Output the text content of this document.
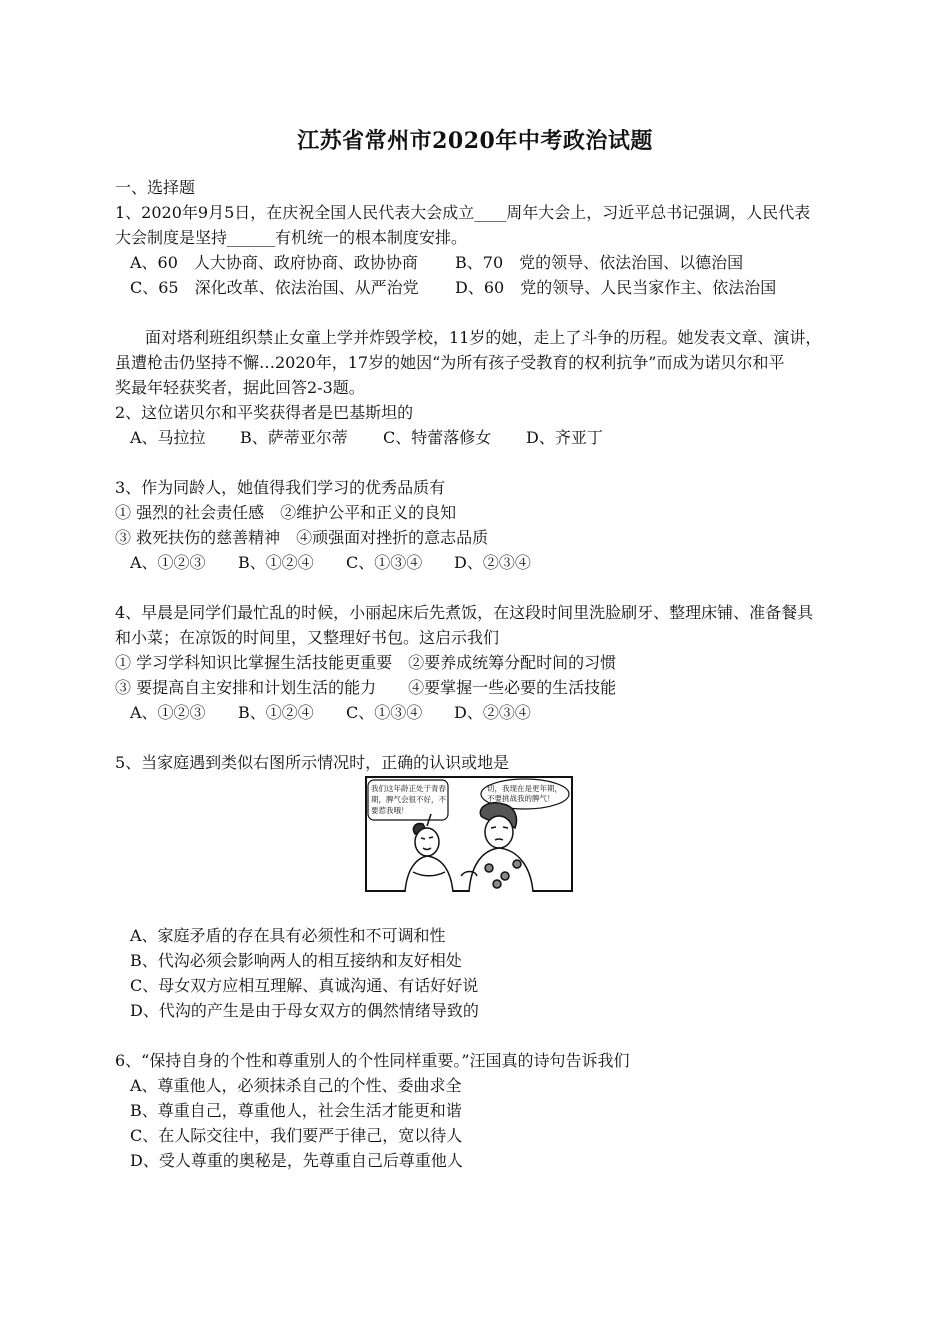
江苏省常州市2020年中考政治试题
一、选择题
1、2020年9月5日，在庆祝全国人民代表大会成立____周年大会上，习近平总书记强调，人民代表
大会制度是坚持______有机统一的根本制度安排。
A、60　人大协商、政府协商、政协协商 B、70　党的领导、依法治国、以德治国
C、65　深化改革、依法治国、从严治党 D、60　党的领导、人民当家作主、依法治国
面对塔利班组织禁止女童上学并炸毁学校，11岁的她，走上了斗争的历程。她发表文章、演讲，
虽遭枪击仍坚持不懈…2020年，17岁的她因“为所有孩子受教育的权利抗争”而成为诺贝尔和平
奖最年轻获奖者，据此回答2-3题。
2、这位诺贝尔和平奖获得者是巴基斯坦的
A、马拉拉 B、萨蒂亚尔蒂 C、特蕾落修女 D、齐亚丁
3、作为同龄人，她值得我们学习的优秀品质有
① 强烈的社会责任感　②维护公平和正义的良知
③ 救死扶伤的慈善精神　④顽强面对挫折的意志品质
A、①②③ B、①②④ C、①③④ D、②③④
4、早晨是同学们最忙乱的时候，小丽起床后先煮饭，在这段时间里洗脸刷牙、整理床铺、准备餐具
和小菜；在凉饭的时间里，又整理好书包。这启示我们
① 学习学科知识比掌握生活技能更重要　②要养成统筹分配时间的习惯
③ 要提高自主安排和计划生活的能力　　④要掌握一些必要的生活技能
A、①②③ B、①②④ C、①③④ D、②③④
5、当家庭遇到类似右图所示情况时，正确的认识或地是
我们这年龄正处于青春 期，脾气会很不好，不 要惹我哦！
切，我现在是更年期， 不要挑战我的脾气！
A、家庭矛盾的存在具有必须性和不可调和性
B、代沟必须会影响两人的相互接纳和友好相处
C、母女双方应相互理解、真诚沟通、有话好好说
D、代沟的产生是由于母女双方的偶然情绪导致的
6、“保持自身的个性和尊重别人的个性同样重要。”汪国真的诗句告诉我们
A、尊重他人，必须抹杀自己的个性、委曲求全
B、尊重自己，尊重他人，社会生活才能更和谐
C、在人际交往中，我们要严于律己，宽以待人
D、受人尊重的奥秘是，先尊重自己后尊重他人
